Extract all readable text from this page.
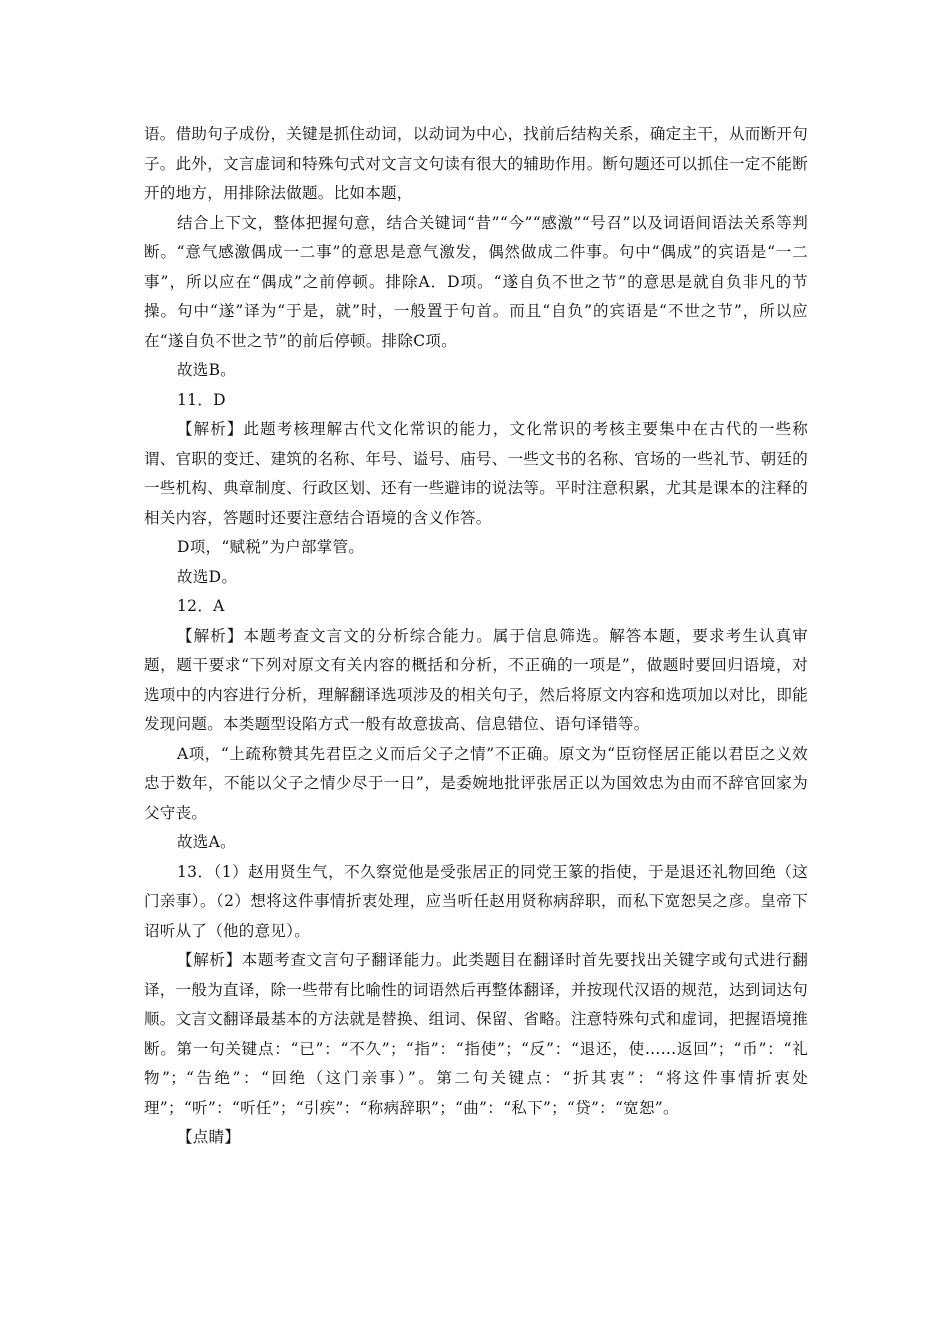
语。借助句子成份，关键是抓住动词，以动词为中心，找前后结构关系，确定主干，从而断开句子。此外，文言虚词和特殊句式对文言文句读有很大的辅助作用。断句题还可以抓住一定不能断开的地方，用排除法做题。比如本题，

结合上下文，整体把握句意，结合关键词“昔”“今”“感激”“号召”以及词语间语法关系等判断。“意气感激偶成一二事”的意思是意气激发，偶然做成二件事。句中“偶成”的宾语是“一二事”，所以应在“偶成”之前停顿。排除A．D项。“遂自负不世之节”的意思是就自负非凡的节操。句中“遂”译为“于是，就”时，一般置于句首。而且“自负”的宾语是“不世之节”，所以应在“遂自负不世之节”的前后停顿。排除C项。

故选B。

11．D

【解析】此题考核理解古代文化常识的能力，文化常识的考核主要集中在古代的一些称谓、官职的变迁、建筑的名称、年号、谥号、庙号、一些文书的名称、官场的一些礼节、朝廷的一些机构、典章制度、行政区划、还有一些避讳的说法等。平时注意积累，尤其是课本的注释的相关内容，答题时还要注意结合语境的含义作答。

D项，“赋税”为户部掌管。

故选D。

12．A

【解析】本题考查文言文的分析综合能力。属于信息筛选。解答本题，要求考生认真审题，题干要求“下列对原文有关内容的概括和分析，不正确的一项是”，做题时要回归语境，对选项中的内容进行分析，理解翻译选项涉及的相关句子，然后将原文内容和选项加以对比，即能发现问题。本类题型设陷方式一般有故意拔高、信息错位、语句译错等。

A项，“上疏称赞其先君臣之义而后父子之情”不正确。原文为“臣窃怪居正能以君臣之义效忠于数年，不能以父子之情少尽于一日”，是委婉地批评张居正以为国效忠为由而不辞官回家为父守丧。

故选A。

13．（1）赵用贤生气，不久察觉他是受张居正的同党王篆的指使，于是退还礼物回绝（这门亲事）。（2）想将这件事情折衷处理，应当听任赵用贤称病辞职，而私下宽恕吴之彦。皇帝下诏听从了（他的意见）。

【解析】本题考查文言句子翻译能力。此类题目在翻译时首先要找出关键字或句式进行翻译，一般为直译，除一些带有比喻性的词语然后再整体翻译，并按现代汉语的规范，达到词达句顺。文言文翻译最基本的方法就是替换、组词、保留、省略。注意特殊句式和虚词，把握语境推断。第一句关键点：“已”：“不久”；“指”：“指使”；“反”：“退还，使……返回”；“币”：“礼物”；“告绝”：“回绝（这门亲事）”。第二句关键点：“折其衷”：“将这件事情折衷处理”；“听”：“听任”；“引疾”：“称病辞职”；“曲”：“私下”；“贷”：“宽恕”。

【点睛】
